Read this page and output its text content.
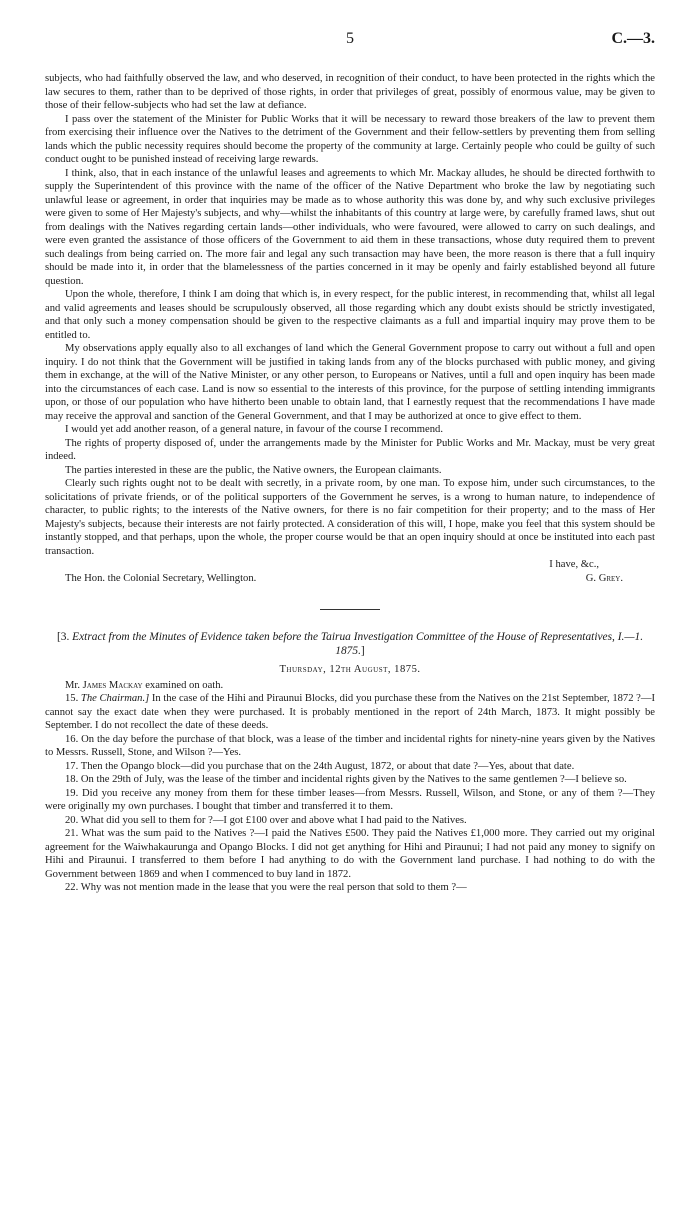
5	C.—3.

subjects, who had faithfully observed the law, and who deserved, in recognition of their conduct, to have been protected in the rights which the law secures to them, rather than to be deprived of those rights, in order that privileges of great, possibly of enormous value, may be given to those of their fellow-subjects who had set the law at defiance.

I pass over the statement of the Minister for Public Works that it will be necessary to reward those breakers of the law to prevent them from exercising their influence over the Natives to the detriment of the Government and their fellow-settlers by preventing them from selling lands which the public necessity requires should become the property of the community at large. Certainly people who could be guilty of such conduct ought to be punished instead of receiving large rewards.

I think, also, that in each instance of the unlawful leases and agreements to which Mr. Mackay alludes, he should be directed forthwith to supply the Superintendent of this province with the name of the officer of the Native Department who broke the law by negotiating such unlawful lease or agreement, in order that inquiries may be made as to whose authority this was done by, and why such exclusive privileges were given to some of Her Majesty's subjects, and why—whilst the inhabitants of this country at large were, by carefully framed laws, shut out from dealings with the Natives regarding certain lands—other individuals, who were favoured, were allowed to carry on such dealings, and were even granted the assistance of those officers of the Government to aid them in these transactions, whose duty required them to prevent such dealings from being carried on. The more fair and legal any such transaction may have been, the more reason is there that a full inquiry should be made into it, in order that the blamelessness of the parties concerned in it may be openly and fairly established beyond all future question.

Upon the whole, therefore, I think I am doing that which is, in every respect, for the public interest, in recommending that, whilst all legal and valid agreements and leases should be scrupulously observed, all those regarding which any doubt exists should be strictly investigated, and that only such a money compensation should be given to the respective claimants as a full and impartial inquiry may prove them to be entitled to.

My observations apply equally also to all exchanges of land which the General Government propose to carry out without a full and open inquiry. I do not think that the Government will be justified in taking lands from any of the blocks purchased with public money, and giving them in exchange, at the will of the Native Minister, or any other person, to Europeans or Natives, until a full and open inquiry has been made into the circumstances of each case. Land is now so essential to the interests of this province, for the purpose of settling intending immigrants upon, or those of our population who have hitherto been unable to obtain land, that I earnestly request that the recommendations I have made may receive the approval and sanction of the General Government, and that I may be authorized at once to give effect to them.

I would yet add another reason, of a general nature, in favour of the course I recommend.

The rights of property disposed of, under the arrangements made by the Minister for Public Works and Mr. Mackay, must be very great indeed.

The parties interested in these are the public, the Native owners, the European claimants.

Clearly such rights ought not to be dealt with secretly, in a private room, by one man. To expose him, under such circumstances, to the solicitations of private friends, or of the political supporters of the Government he serves, is a wrong to human nature, to independence of character, to public rights; to the interests of the Native owners, for there is no fair competition for their property; and to the mass of Her Majesty's subjects, because their interests are not fairly protected. A consideration of this will, I hope, make you feel that this system should be instantly stopped, and that perhaps, upon the whole, the proper course would be that an open inquiry should at once be instituted into each past transaction.

I have, &c.,
The Hon. the Colonial Secretary, Wellington.	G. Grey.
[3. Extract from the Minutes of Evidence taken before the Tairua Investigation Committee of the House of Representatives, I.—1. 1875.]
Thursday, 12th August, 1875.
Mr. James Mackay examined on oath.

15. The Chairman.] In the case of the Hihi and Piraunui Blocks, did you purchase these from the Natives on the 21st September, 1872 ?—I cannot say the exact date when they were purchased. It is probably mentioned in the report of 24th March, 1873. It might possibly be September. I do not recollect the date of these deeds.

16. On the day before the purchase of that block, was a lease of the timber and incidental rights for ninety-nine years given by the Natives to Messrs. Russell, Stone, and Wilson ?—Yes.

17. Then the Opango block—did you purchase that on the 24th August, 1872, or about that date ?—Yes, about that date.

18. On the 29th of July, was the lease of the timber and incidental rights given by the Natives to the same gentlemen ?—I believe so.

19. Did you receive any money from them for these timber leases—from Messrs. Russell, Wilson, and Stone, or any of them ?—They were originally my own purchases. I bought that timber and transferred it to them.

20. What did you sell to them for ?—I got £100 over and above what I had paid to the Natives.

21. What was the sum paid to the Natives ?—I paid the Natives £500. They paid the Natives £1,000 more. They carried out my original agreement for the Waiwhakaurunga and Opango Blocks. I did not get anything for Hihi and Piraunui; I had not paid any money to signify on Hihi and Piraunui. I transferred to them before I had anything to do with the Government land purchase. I had nothing to do with the Government between 1869 and when I commenced to buy land in 1872.

22. Why was not mention made in the lease that you were the real person that sold to them ?—
